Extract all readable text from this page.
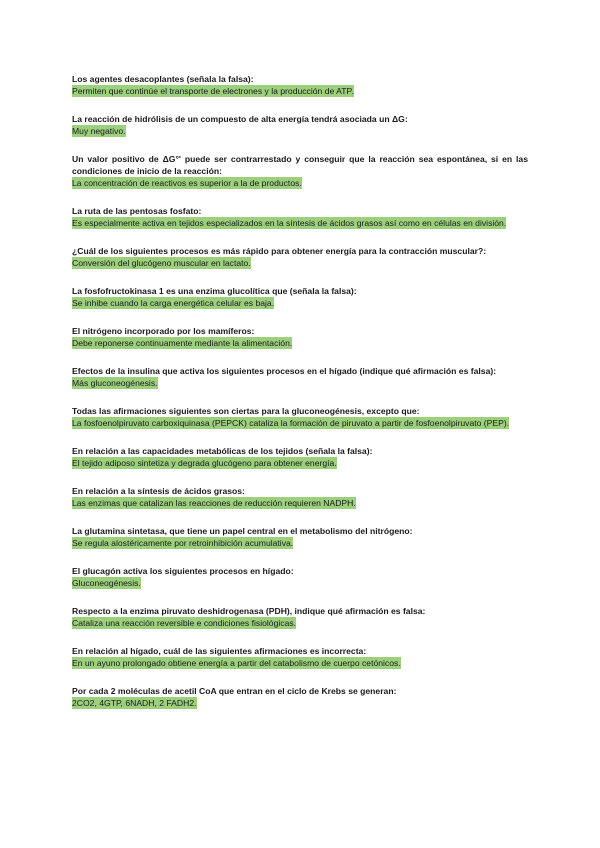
Los agentes desacoplantes (señala la falsa):

Permiten que continúe el transporte de electrones y la producción de ATP.

La reacción de hidrólisis de un compuesto de alta energía tendrá asociada un ΔG:

Muy negativo.

Un valor positivo de ΔG°' puede ser contrarrestado y conseguir que la reacción sea espontánea, si en las condiciones de inicio de la reacción:

La concentración de reactivos es superior a la de productos.

La ruta de las pentosas fosfato:

Es especialmente activa en tejidos especializados en la síntesis de ácidos grasos así como en células en división.

¿Cuál de los siguientes procesos es más rápido para obtener energía para la contracción muscular?:

Conversión del glucógeno muscular en lactato.

La fosfofructokinasa 1 es una enzima glucolítica que (señala la falsa):

Se inhibe cuando la carga energética celular es baja.

El nitrógeno incorporado por los mamíferos:

Debe reponerse continuamente mediante la alimentación.

Efectos de la insulina que activa los siguientes procesos en el hígado (indique qué afirmación es falsa):

Más gluconeogénesis.

Todas las afirmaciones siguientes son ciertas para la gluconeogénesis, excepto que:

La fosfoenolpiruvato carboxiquinasa (PEPCK) cataliza la formación de piruvato a partir de fosfoenolpiruvato (PEP).

En relación a las capacidades metabólicas de los tejidos (señala la falsa):

El tejido adiposo sintetiza y degrada glucógeno para obtener energía.

En relación a la síntesis de ácidos grasos:

Las enzimas que catalizan las reacciones de reducción requieren NADPH.

La glutamina sintetasa, que tiene un papel central en el metabolismo del nitrógeno:

Se regula alostéricamente por retroinhibición acumulativa.

El glucagón activa los siguientes procesos en hígado:

Gluconeogénesis.

Respecto a la enzima piruvato deshidrogenasa (PDH), indique qué afirmación es falsa:

Cataliza una reacción reversible e condiciones fisiológicas.

En relación al hígado, cuál de las siguientes afirmaciones es incorrecta:

En un ayuno prolongado obtiene energía a partir del catabolismo de cuerpo cetónicos.

Por cada 2 moléculas de acetil CoA que entran en el ciclo de Krebs se generan:

2CO2, 4GTP, 6NADH, 2 FADH2.
